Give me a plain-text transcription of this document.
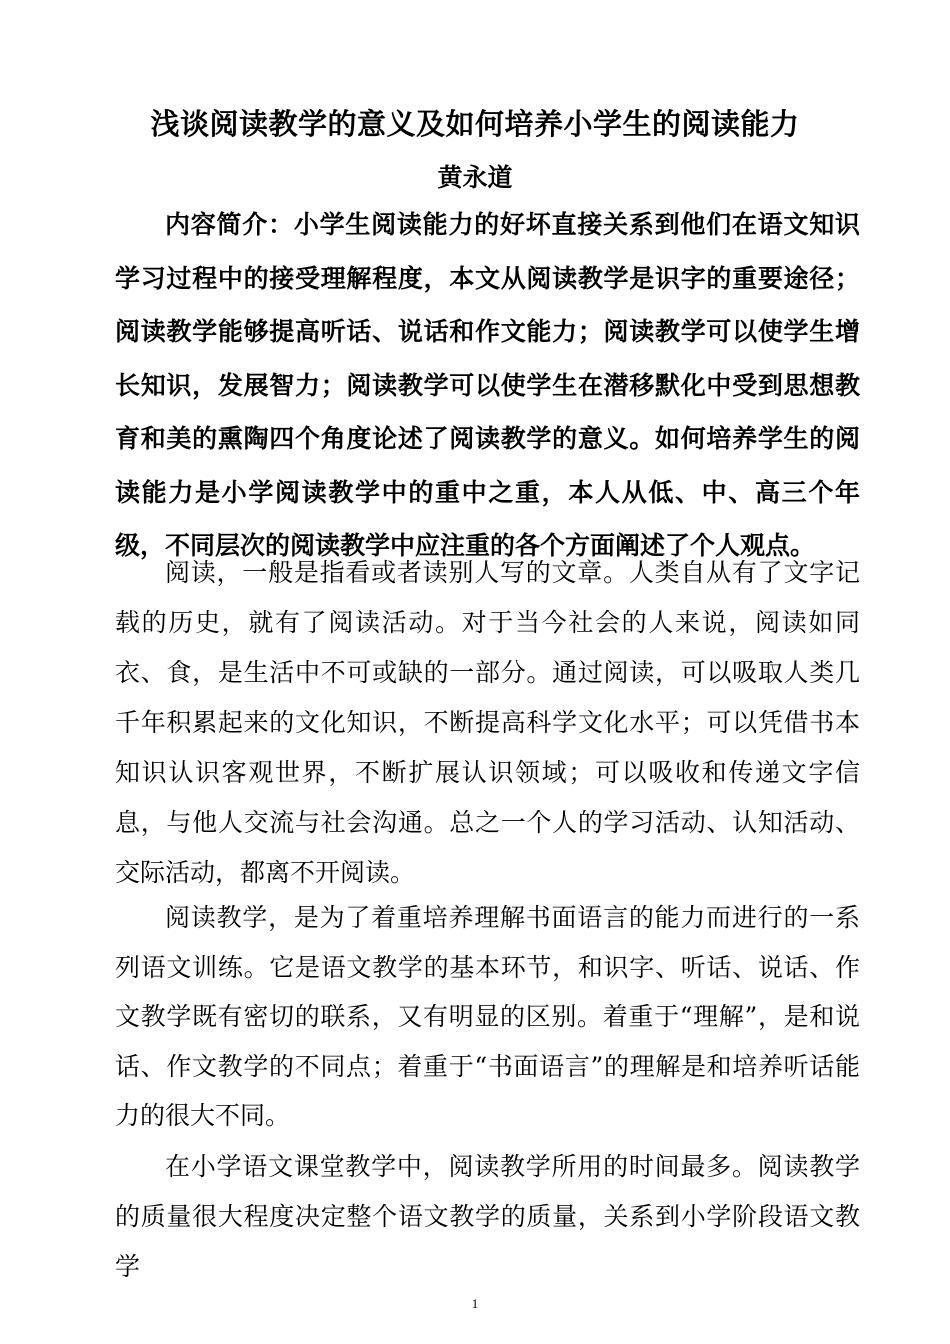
浅谈阅读教学的意义及如何培养小学生的阅读能力
黄永道

内容简介：小学生阅读能力的好坏直接关系到他们在语文知识学习过程中的接受理解程度，本文从阅读教学是识字的重要途径；阅读教学能够提高听话、说话和作文能力；阅读教学可以使学生增长知识，发展智力；阅读教学可以使学生在潜移默化中受到思想教育和美的熏陶四个角度论述了阅读教学的意义。如何培养学生的阅读能力是小学阅读教学中的重中之重，本人从低、中、高三个年级，不同层次的阅读教学中应注重的各个方面阐述了个人观点。

阅读，一般是指看或者读别人写的文章。人类自从有了文字记载的历史，就有了阅读活动。对于当今社会的人来说，阅读如同衣、食，是生活中不可或缺的一部分。通过阅读，可以吸取人类几千年积累起来的文化知识，不断提高科学文化水平；可以凭借书本知识认识客观世界，不断扩展认识领域；可以吸收和传递文字信息，与他人交流与社会沟通。总之一个人的学习活动、认知活动、交际活动，都离不开阅读。

阅读教学，是为了着重培养理解书面语言的能力而进行的一系列语文训练。它是语文教学的基本环节，和识字、听话、说话、作文教学既有密切的联系，又有明显的区别。着重于“理解”，是和说话、作文教学的不同点；着重于“书面语言”的理解是和培养听话能力的很大不同。

在小学语文课堂教学中，阅读教学所用的时间最多。阅读教学的质量很大程度决定整个语文教学的质量，关系到小学阶段语文教学

1
